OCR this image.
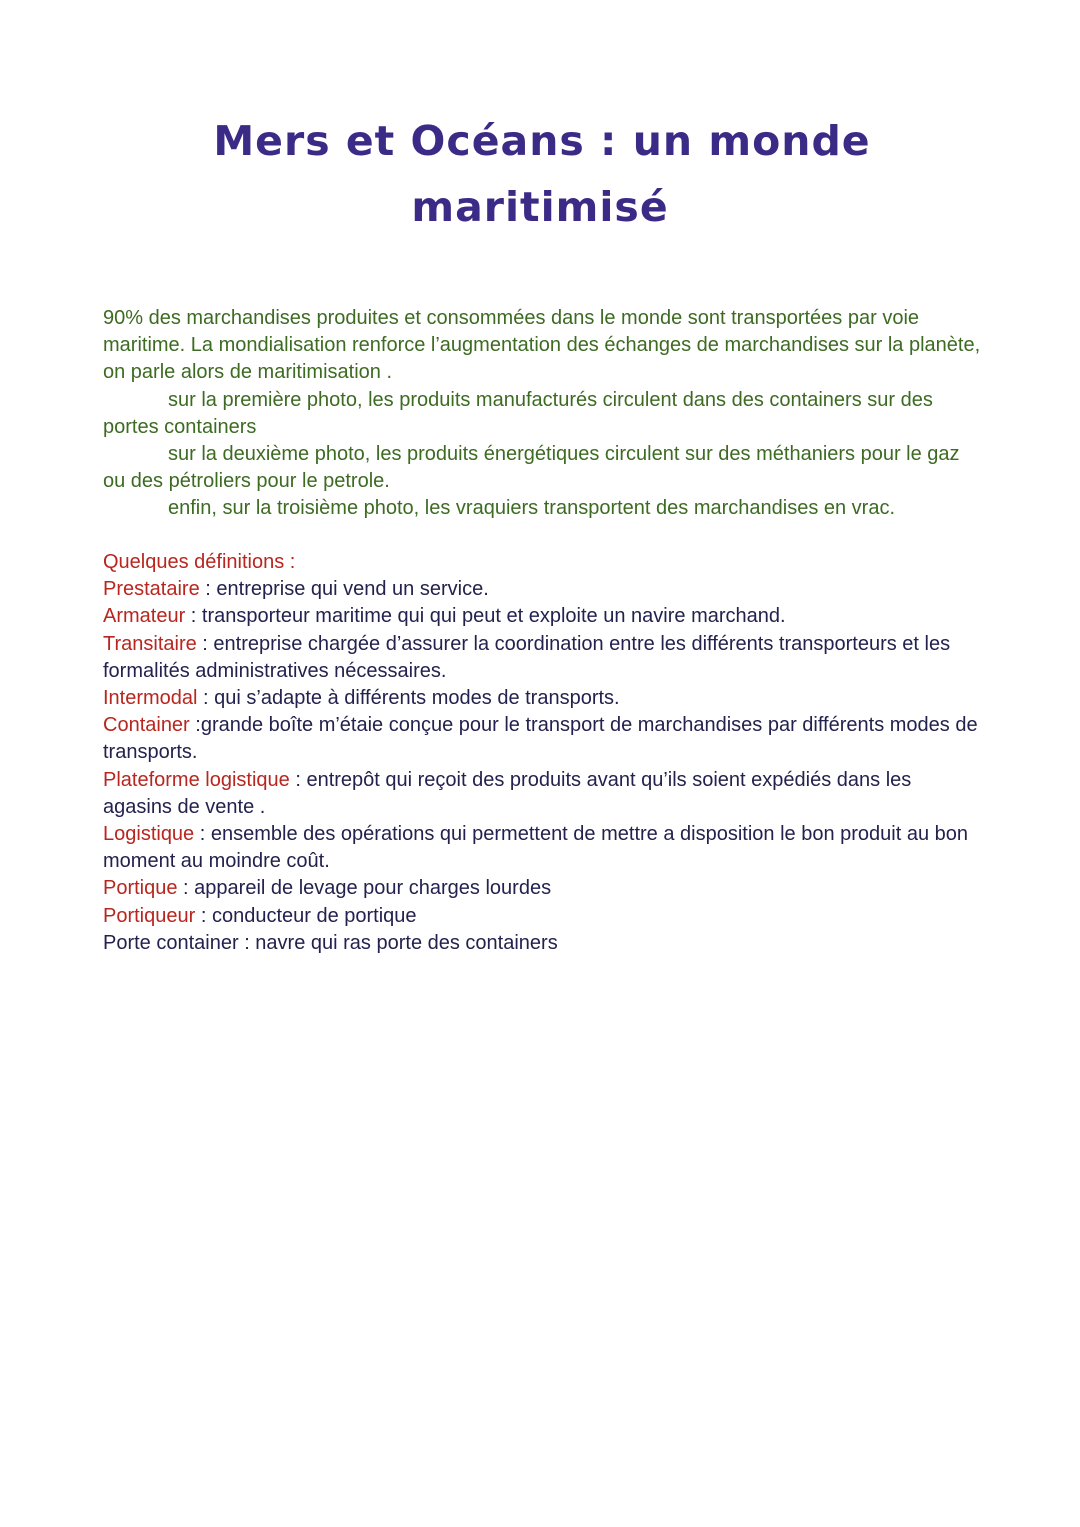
Mers et Océans : un monde
maritimisé

90% des marchandises produites et consommées dans le monde sont transportées par voie maritime. La mondialisation renforce l’augmentation des échanges de marchandises sur la planète, on parle alors de maritimisation .

sur la première photo, les produits manufacturés circulent dans des containers sur des portes containers

sur la deuxième photo, les produits énergétiques circulent sur des méthaniers pour le gaz ou des pétroliers pour le petrole.

enfin, sur la troisième photo, les vraquiers transportent des marchandises en vrac.

Quelques définitions :

Prestataire : entreprise qui vend un service.

Armateur : transporteur maritime qui qui peut et exploite un navire marchand.

Transitaire : entreprise chargée d’assurer la coordination entre les différents transporteurs et les formalités administratives nécessaires.

Intermodal : qui s’adapte à différents modes de transports.

Container :grande boîte m’étaie conçue pour le transport de marchandises par différents modes de transports.

Plateforme logistique : entrepôt qui reçoit des produits avant qu’ils soient expédiés dans les agasins de vente .

Logistique : ensemble des opérations qui permettent de mettre a disposition le bon produit au bon moment au moindre coût.

Portique : appareil de levage pour charges lourdes

Portiqueur : conducteur de portique

Porte container : navre qui ras porte des containers
